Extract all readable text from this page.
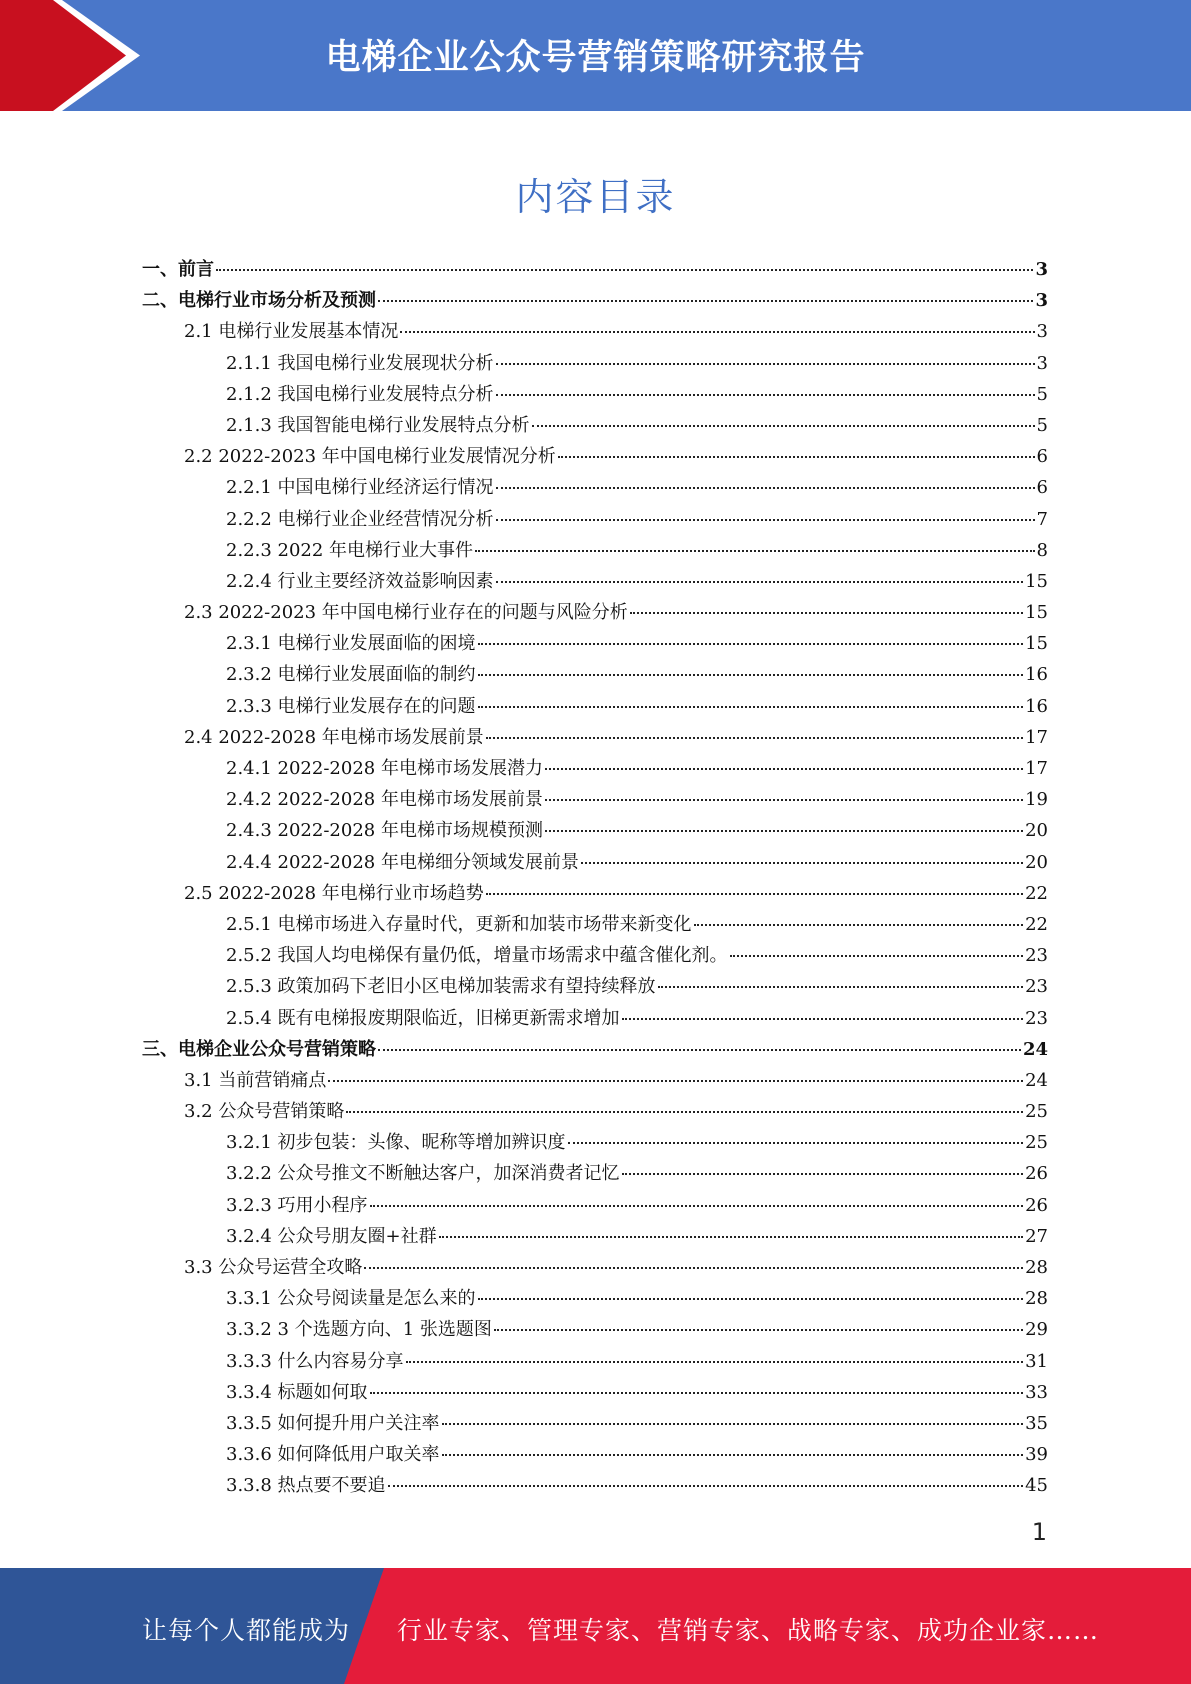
电梯企业公众号营销策略研究报告
内容目录
一、前言	3
二、电梯行业市场分析及预测	3
2.1 电梯行业发展基本情况	3
2.1.1 我国电梯行业发展现状分析	3
2.1.2 我国电梯行业发展特点分析	5
2.1.3 我国智能电梯行业发展特点分析	5
2.2 2022-2023 年中国电梯行业发展情况分析	6
2.2.1 中国电梯行业经济运行情况	6
2.2.2 电梯行业企业经营情况分析	7
2.2.3 2022 年电梯行业大事件	8
2.2.4 行业主要经济效益影响因素	15
2.3 2022-2023 年中国电梯行业存在的问题与风险分析	15
2.3.1 电梯行业发展面临的困境	15
2.3.2 电梯行业发展面临的制约	16
2.3.3 电梯行业发展存在的问题	16
2.4 2022-2028 年电梯市场发展前景	17
2.4.1 2022-2028 年电梯市场发展潜力	17
2.4.2 2022-2028 年电梯市场发展前景	19
2.4.3 2022-2028 年电梯市场规模预测	20
2.4.4 2022-2028 年电梯细分领域发展前景	20
2.5 2022-2028 年电梯行业市场趋势	22
2.5.1 电梯市场进入存量时代，更新和加装市场带来新变化	22
2.5.2 我国人均电梯保有量仍低，增量市场需求中蕴含催化剂。	23
2.5.3 政策加码下老旧小区电梯加装需求有望持续释放	23
2.5.4 既有电梯报废期限临近，旧梯更新需求增加	23
三、电梯企业公众号营销策略	24
3.1 当前营销痛点	24
3.2 公众号营销策略	25
3.2.1 初步包装：头像、昵称等增加辨识度	25
3.2.2 公众号推文不断触达客户，加深消费者记忆	26
3.2.3 巧用小程序	26
3.2.4 公众号朋友圈+社群	27
3.3 公众号运营全攻略	28
3.3.1 公众号阅读量是怎么来的	28
3.3.2 3 个选题方向、1 张选题图	29
3.3.3 什么内容易分享	31
3.3.4 标题如何取	33
3.3.5 如何提升用户关注率	35
3.3.6 如何降低用户取关率	39
3.3.8 热点要不要追	45
1
让每个人都能成为 行业专家、管理专家、营销专家、战略专家、成功企业家……
